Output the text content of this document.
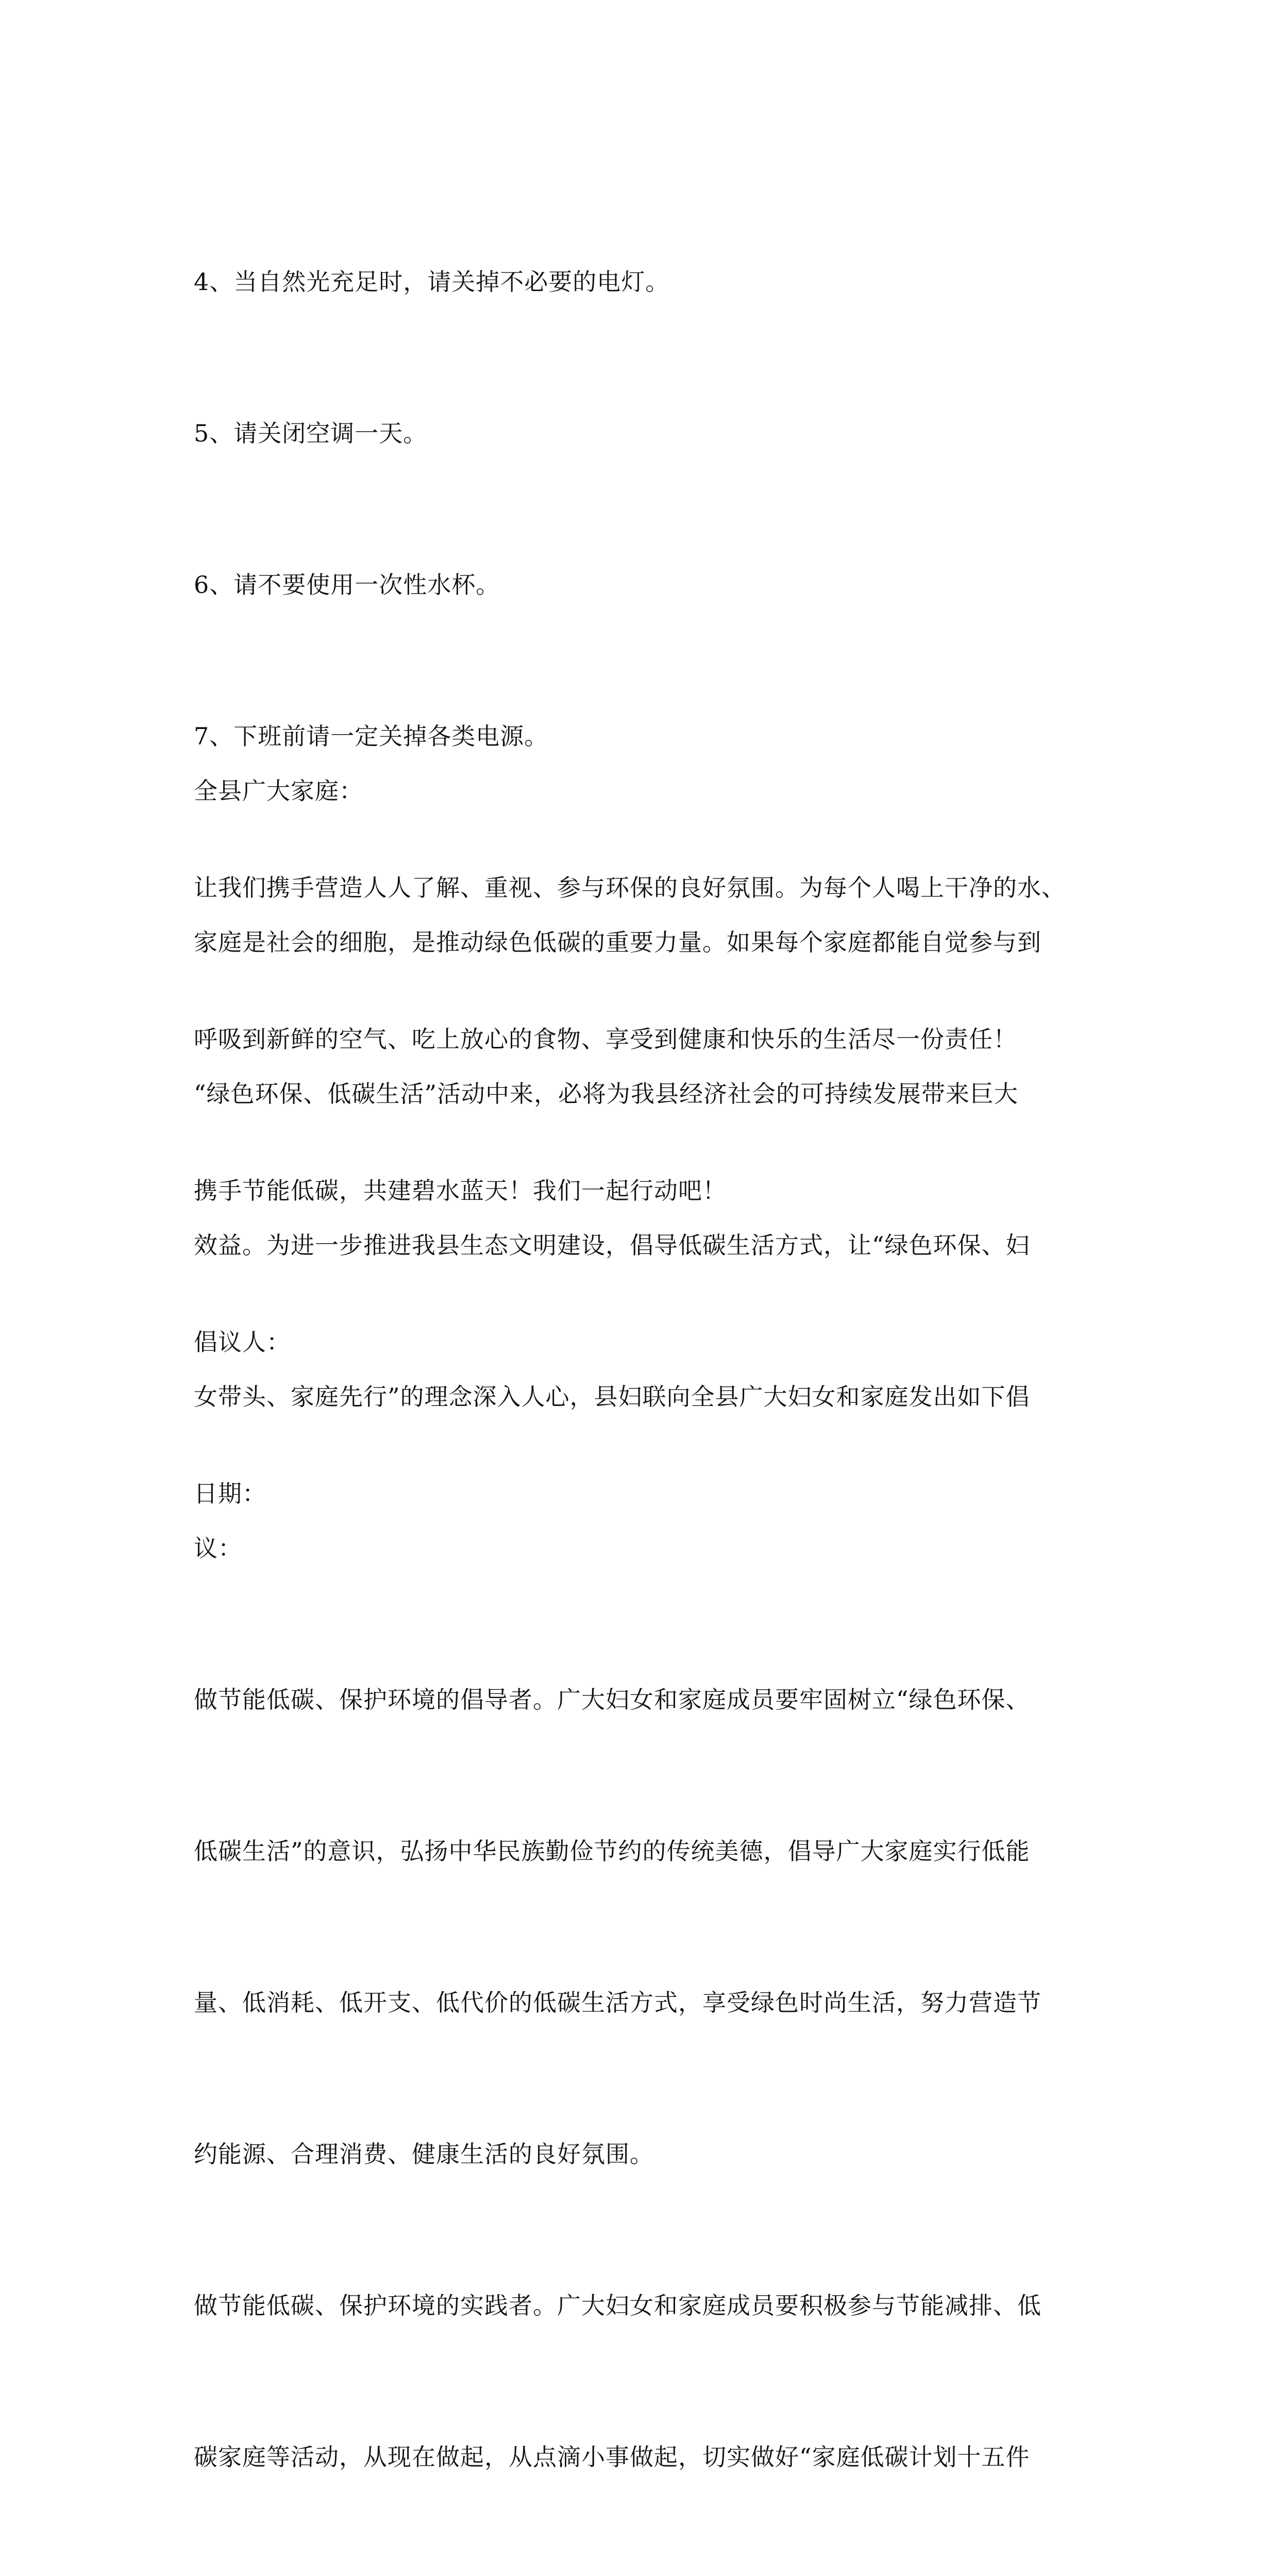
4、当自然光充足时，请关掉不必要的电灯。

5、请关闭空调一天。

6、请不要使用一次性水杯。

7、下班前请一定关掉各类电源。

让我们携手营造人人了解、重视、参与环保的良好氛围。为每个人喝上干净的水、

呼吸到新鲜的空气、吃上放心的食物、享受到健康和快乐的生活尽一份责任！

携手节能低碳，共建碧水蓝天！我们一起行动吧！

倡议人：

日期：

全县广大家庭：

家庭是社会的细胞，是推动绿色低碳的重要力量。如果每个家庭都能自觉参与到

“绿色环保、低碳生活”活动中来，必将为我县经济社会的可持续发展带来巨大

效益。为进一步推进我县生态文明建设，倡导低碳生活方式，让“绿色环保、妇

女带头、家庭先行”的理念深入人心，县妇联向全县广大妇女和家庭发出如下倡

议：

做节能低碳、保护环境的倡导者。广大妇女和家庭成员要牢固树立“绿色环保、

低碳生活”的意识，弘扬中华民族勤俭节约的传统美德，倡导广大家庭实行低能

量、低消耗、低开支、低代价的低碳生活方式，享受绿色时尚生活，努力营造节

约能源、合理消费、健康生活的良好氛围。

做节能低碳、保护环境的实践者。广大妇女和家庭成员要积极参与节能减排、低

碳家庭等活动，从现在做起，从点滴小事做起，切实做好“家庭低碳计划十五件
